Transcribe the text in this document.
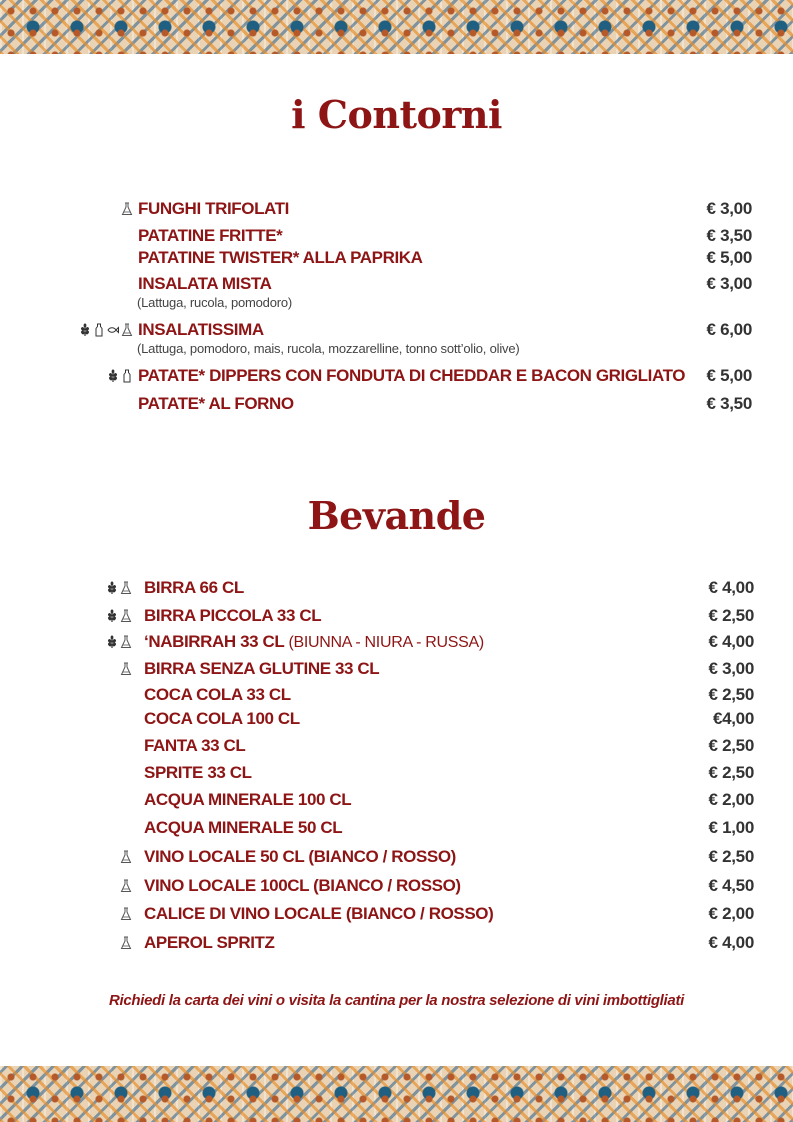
i Contorni
FUNGHI TRIFOLATI	€ 3,00
PATATINE FRITTE*	€ 3,50
PATATINE TWISTER* ALLA PAPRIKA	€ 5,00
INSALATA MISTA	€ 3,00
(Lattuga, rucola, pomodoro)
INSALATISSIMA	€ 6,00
(Lattuga, pomodoro, mais, rucola, mozzarelline, tonno sott’olio, olive)
PATATE* DIPPERS CON FONDUTA DI CHEDDAR E BACON GRIGLIATO € 5,00
PATATE* AL FORNO	€ 3,50
Bevande
BIRRA 66 CL	€ 4,00
BIRRA PICCOLA 33 CL	€ 2,50
‘NABIRRAH 33 CL (BIUNNA - NIURA - RUSSA)	€ 4,00
BIRRA SENZA GLUTINE 33 CL	€ 3,00
COCA COLA 33 CL	€ 2,50
COCA COLA 100 CL	€4,00
FANTA 33 CL	€ 2,50
SPRITE 33 CL	€ 2,50
ACQUA MINERALE 100 CL	€ 2,00
ACQUA MINERALE 50 CL	€ 1,00
VINO LOCALE 50 CL (BIANCO / ROSSO)	€ 2,50
VINO LOCALE 100CL (BIANCO / ROSSO)	€ 4,50
CALICE DI VINO LOCALE (BIANCO / ROSSO)	€ 2,00
APEROL SPRITZ	€ 4,00
Richiedi la carta dei vini o visita la cantina per la nostra selezione di vini imbottigliati
